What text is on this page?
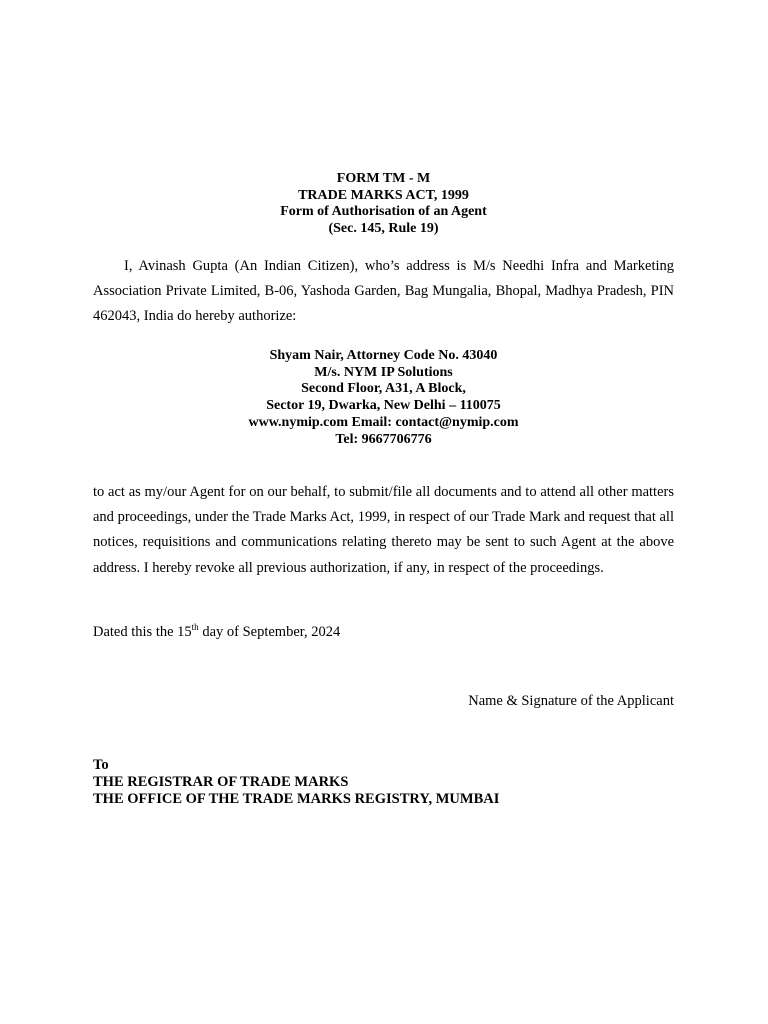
FORM TM - M
TRADE MARKS ACT, 1999
Form of Authorisation of an Agent
(Sec. 145, Rule 19)

I, Avinash Gupta (An Indian Citizen), who’s address is M/s Needhi Infra and Marketing Association Private Limited, B-06, Yashoda Garden, Bag Mungalia, Bhopal, Madhya Pradesh, PIN 462043, India do hereby authorize:

Shyam Nair, Attorney Code No. 43040
M/s. NYM IP Solutions
Second Floor, A31, A Block,
Sector 19, Dwarka, New Delhi – 110075
www.nymip.com Email: contact@nymip.com
Tel: 9667706776

to act as my/our Agent for on our behalf, to submit/file all documents and to attend all other matters and proceedings, under the Trade Marks Act, 1999, in respect of our Trade Mark and request that all notices, requisitions and communications relating thereto may be sent to such Agent at the above address. I hereby revoke all previous authorization, if any, in respect of the proceedings.

Dated this the 15th day of September, 2024
Name & Signature of the Applicant
To
THE REGISTRAR OF TRADE MARKS
THE OFFICE OF THE TRADE MARKS REGISTRY, MUMBAI
